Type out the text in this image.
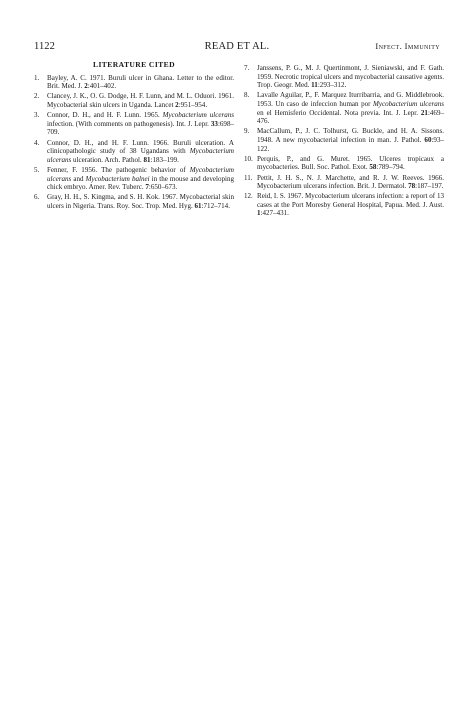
1122	READ ET AL.	Infect. Immunity
LITERATURE CITED
1.	Bayley, A. C. 1971. Buruli ulcer in Ghana. Letter to the editor. Brit. Med. J. 2:401–402.
2.	Clancey, J. K., O. G. Dodge, H. F. Lunn, and M. L. Oduori. 1961. Mycobacterial skin ulcers in Uganda. Lancet 2:951–954.
3.	Connor, D. H., and H. F. Lunn. 1965. Mycobacterium ulcerans infection. (With comments on pathogenesis). Int. J. Lepr. 33:698–709.
4.	Connor, D. H., and H. F. Lunn. 1966. Buruli ulceration. A clinicopathologic study of 38 Ugandans with Mycobacterium ulcerans ulceration. Arch. Pathol. 81:183–199.
5.	Fenner, F. 1956. The pathogenic behavior of Mycobacterium ulcerans and Mycobacterium balnei in the mouse and developing chick embryo. Amer. Rev. Tuberc. 7:650–673.
6.	Gray, H. H., S. Kingma, and S. H. Kok. 1967. Mycobacterial skin ulcers in Nigeria. Trans. Roy. Soc. Trop. Med. Hyg. 61:712–714.
7.	Janssens, P. G., M. J. Quertinmont, J. Sieniawski, and F. Gath. 1959. Necrotic tropical ulcers and mycobacterial causative agents. Trop. Geogr. Med. 11:293–312.
8.	Lavalle Aguilar, P., F. Marquez Iturribarria, and G. Middlebrook. 1953. Un caso de infeccion human por Mycobacterium ulcerans en el Hemisferio Occidental. Nota previa. Int. J. Lepr. 21:469–476.
9.	MacCallum, P., J. C. Tolhurst, G. Buckle, and H. A. Sissons. 1948. A new mycobacterial infection in man. J. Pathol. 60:93–122.
10. Perquis, P., and G. Muret. 1965. Ulceres tropicaux a mycobacteries. Bull. Soc. Pathol. Exot. 58:789–794.
11. Pettit, J. H. S., N. J. Marchette, and R. J. W. Reeves. 1966. Mycobacterium ulcerans infection. Brit. J. Dermatol. 78:187–197.
12. Reid, I. S. 1967. Mycobacterium ulcerans infection: a report of 13 cases at the Port Moresby General Hospital, Papua. Med. J. Aust. 1:427–431.
